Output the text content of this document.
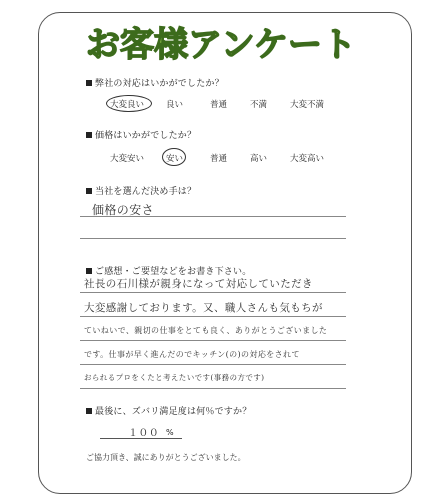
お客様アンケート
弊社の対応はいかがでしたか？
大変良い	良い	普通	不満	大変不満
価格はいかがでしたか？
大変安い	安い	普通	高い	大変高い
当社を選んだ決め手は？
価格の安さ
ご感想・ご要望などをお書き下さい。
社長の石川様が親身になって対応していただき
大変感謝しております。又、職人さんも気もちが
ていねいで、親切の仕事をとても良く、ありがとうございました
です。仕事が早く進んだのでキッチン(の)の対応をされて
おられるプロをくたと考えたいです(事務の方です)
最後に、ズバリ満足度は何％ですか？
１００ %
ご協力頂き、誠にありがとうございました。
